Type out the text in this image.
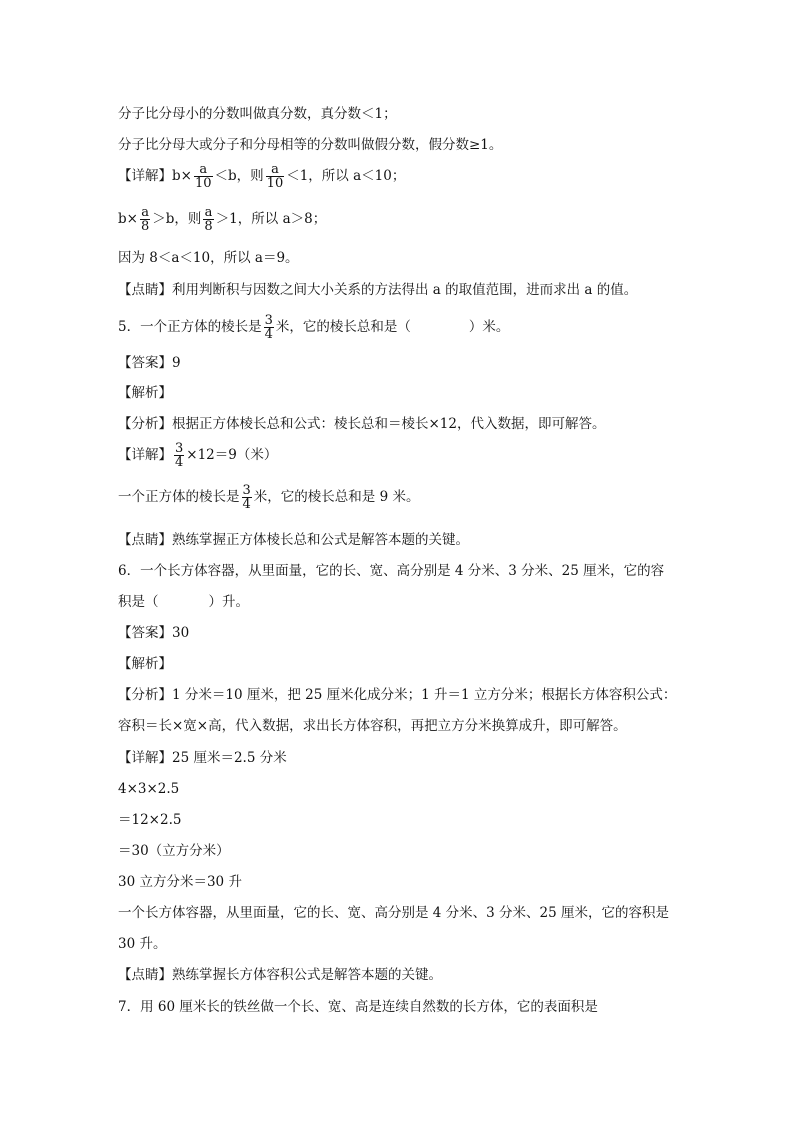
分子比分母小的分数叫做真分数，真分数＜1；
分子比分母大或分子和分母相等的分数叫做假分数，假分数≥1。
【详解】$b\times \frac{a}{10} <b$，则 $\frac{a}{10} <1$，所以 a＜10；
$b\times \frac{a}{8} >b$，则 $\frac{a}{8} >1$，所以 a＞8；
因为 8＜a＜10，所以 a＝9。
【点睛】利用判断积与因数之间大小关系的方法得出 a 的取值范围，进而求出 a 的值。
5．一个正方体的棱长是 $\frac{3}{4}$ 米，它的棱长总和是（	）米。
【答案】9
【解析】
【分析】根据正方体棱长总和公式：棱长总和＝棱长×12，代入数据，即可解答。
【详解】 $\frac{3}{4} \times 12=9$（米）
一个正方体的棱长是 $\frac{3}{4}$ 米，它的棱长总和是 9 米。
【点睛】熟练掌握正方体棱长总和公式是解答本题的关键。
6．一个长方体容器，从里面量，它的长、宽、高分别是 4 分米、3 分米、25 厘米，它的容
积是（	）升。
【答案】30
【解析】
【分析】1 分米＝10 厘米，把 25 厘米化成分米；1 升＝1 立方分米；根据长方体容积公式：
容积＝长×宽×高，代入数据，求出长方体容积，再把立方分米换算成升，即可解答。
【详解】25 厘米＝2.5 分米
4×3×2.5
＝12×2.5
＝30（立方分米）
30 立方分米＝30 升
一个长方体容器，从里面量，它的长、宽、高分别是 4 分米、3 分米、25 厘米，它的容积是
30 升。
【点睛】熟练掌握长方体容积公式是解答本题的关键。
7．用 60 厘米长的铁丝做一个长、宽、高是连续自然数的长方体，它的表面积是
